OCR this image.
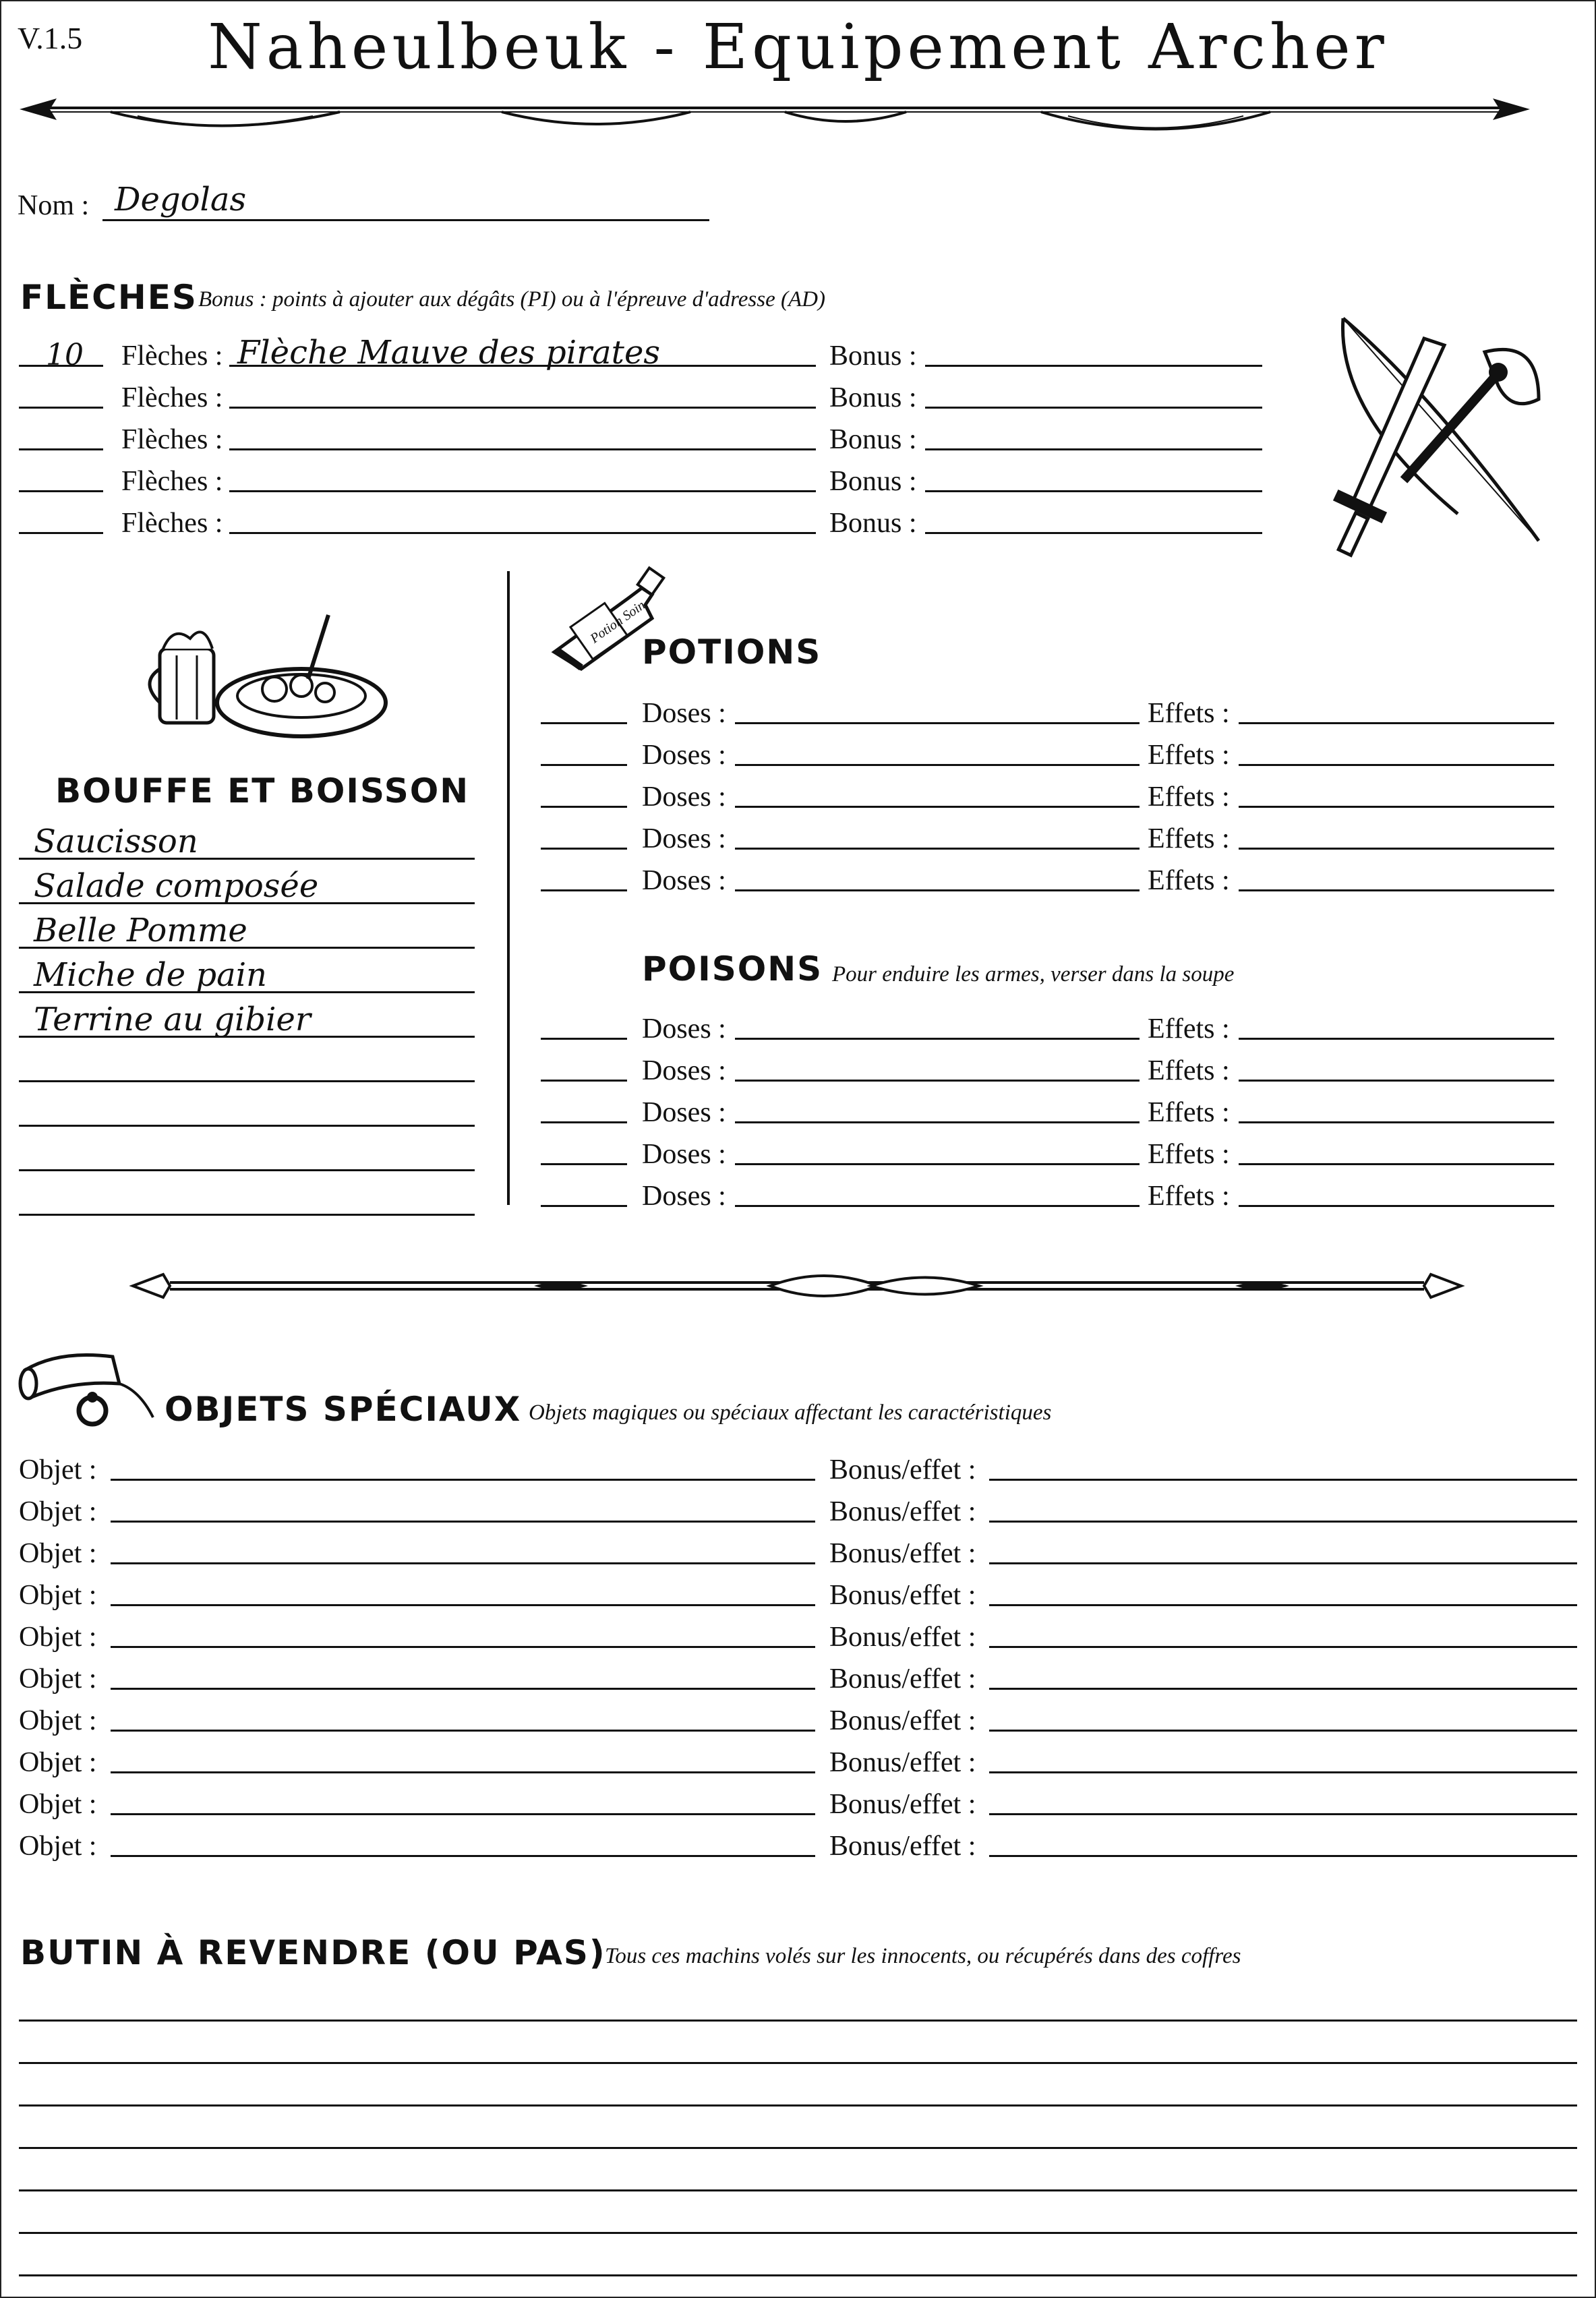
V.1.5	Naheulbeuk - Equipement Archer
Nom : Degolas
FLÈCHES Bonus : points à ajouter aux dégâts (PI) ou à l'épreuve d'adresse (AD)
10 Flèches : Flèche Mauve des pirates	Bonus :
Flèches :	Bonus :
Flèches :	Bonus :
Flèches :	Bonus :
Flèches :	Bonus :
BOUFFE ET BOISSON
Saucisson
Salade composée
Belle Pomme
Miche de pain
Terrine au gibier
Potion Soin
POTIONS
Doses :	Effets :
Doses :	Effets :
Doses :	Effets :
Doses :	Effets :
Doses :	Effets :
POISONS Pour enduire les armes, verser dans la soupe
Doses :	Effets :
Doses :	Effets :
Doses :	Effets :
Doses :	Effets :
Doses :	Effets :
OBJETS SPÉCIAUX Objets magiques ou spéciaux affectant les caractéristiques
Objet :	Bonus/effet :
Objet :	Bonus/effet :
Objet :	Bonus/effet :
Objet :	Bonus/effet :
Objet :	Bonus/effet :
Objet :	Bonus/effet :
Objet :	Bonus/effet :
Objet :	Bonus/effet :
Objet :	Bonus/effet :
Objet :	Bonus/effet :
BUTIN À REVENDRE (OU PAS)
Tous ces machins volés sur les innocents, ou récupérés dans des coffres
